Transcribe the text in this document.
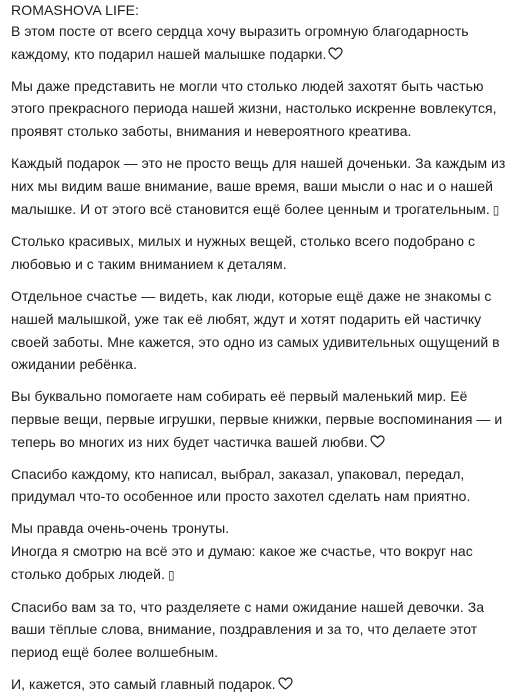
ROMASHOVA LIFE:

В этом посте от всего сердца хочу выразить огромную благодарность каждому, кто подарил нашей малышке подарки.

Мы даже представить не могли что столько людей захотят быть частью этого прекрасного периода нашей жизни, настолько искренне вовлекутся, проявят столько заботы, внимания и невероятного креатива.

Каждый подарок — это не просто вещь для нашей доченьки. За каждым из них мы видим ваше внимание, ваше время, ваши мысли о нас и о нашей малышке. И от этого всё становится ещё более ценным и трогательным. ▯

Столько красивых, милых и нужных вещей, столько всего подобрано с любовью и с таким вниманием к деталям.

Отдельное счастье — видеть, как люди, которые ещё даже не знакомы с нашей малышкой, уже так её любят, ждут и хотят подарить ей частичку своей заботы. Мне кажется, это одно из самых удивительных ощущений в ожидании ребёнка.

Вы буквально помогаете нам собирать её первый маленький мир. Её первые вещи, первые игрушки, первые книжки, первые воспоминания — и теперь во многих из них будет частичка вашей любви.

Спасибо каждому, кто написал, выбрал, заказал, упаковал, передал, придумал что-то особенное или просто захотел сделать нам приятно.

Мы правда очень-очень тронуты.
Иногда я смотрю на всё это и думаю: какое же счастье, что вокруг нас столько добрых людей. ▯

Спасибо вам за то, что разделяете с нами ожидание нашей девочки. За ваши тёплые слова, внимание, поздравления и за то, что делаете этот период ещё более волшебным.

И, кажется, это самый главный подарок.
